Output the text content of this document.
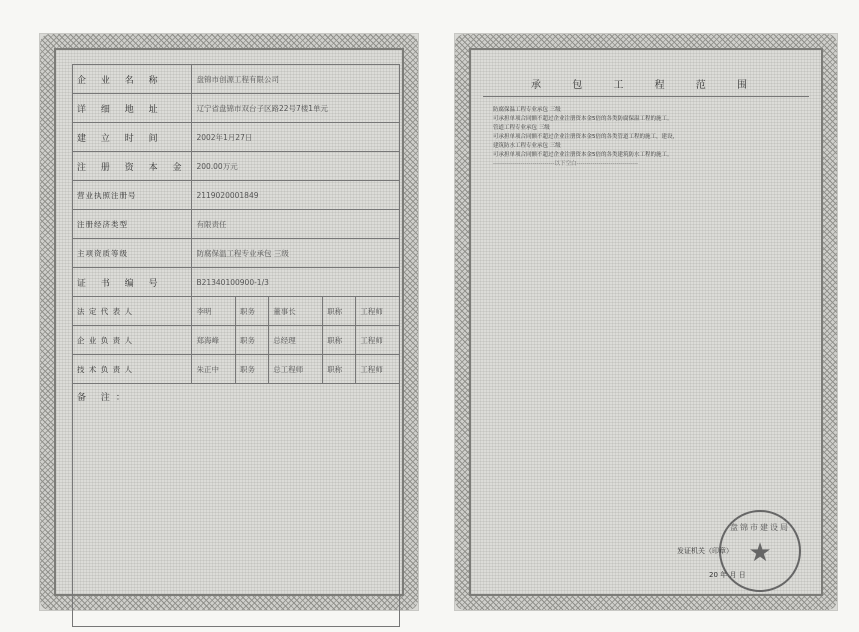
企 业 名 称	盘锦市创源工程有限公司				
详 细 地 址	辽宁省盘锦市双台子区路22号7楼1单元				
建 立 时 间	2002年1月27日				
注 册 资 本 金	200.00万元				
营业执照注册号	2119020001849				
注册经济类型	有限责任				
主项资质等级	防腐保温工程专业承包 三级				
证 书 编 号	B21340100900-1/3				
法 定 代 表 人	李明	职务	董事长	职称	工程师
企 业 负 责 人	郑海峰	职务	总经理	职称	工程师
技 术 负 责 人	朱正中	职务	总工程师	职称	工程师
备 注：					
承 包 工 程 范 围
防腐保温工程专业承包 三级
可承担单项合同额不超过企业注册资本金5倍的各类防腐保温工程的施工。
管道工程专业承包 三级
可承担单项合同额不超过企业注册资本金5倍的各类管道工程的施工，建设，
建筑防水工程专业承包 三级
可承担单项合同额不超过企业注册资本金5倍的各类建筑防水工程的施工。
-------------------------------以下空白-------------------------------
盘锦市建设局
★
发证机关（印章）
20 年 月 日
